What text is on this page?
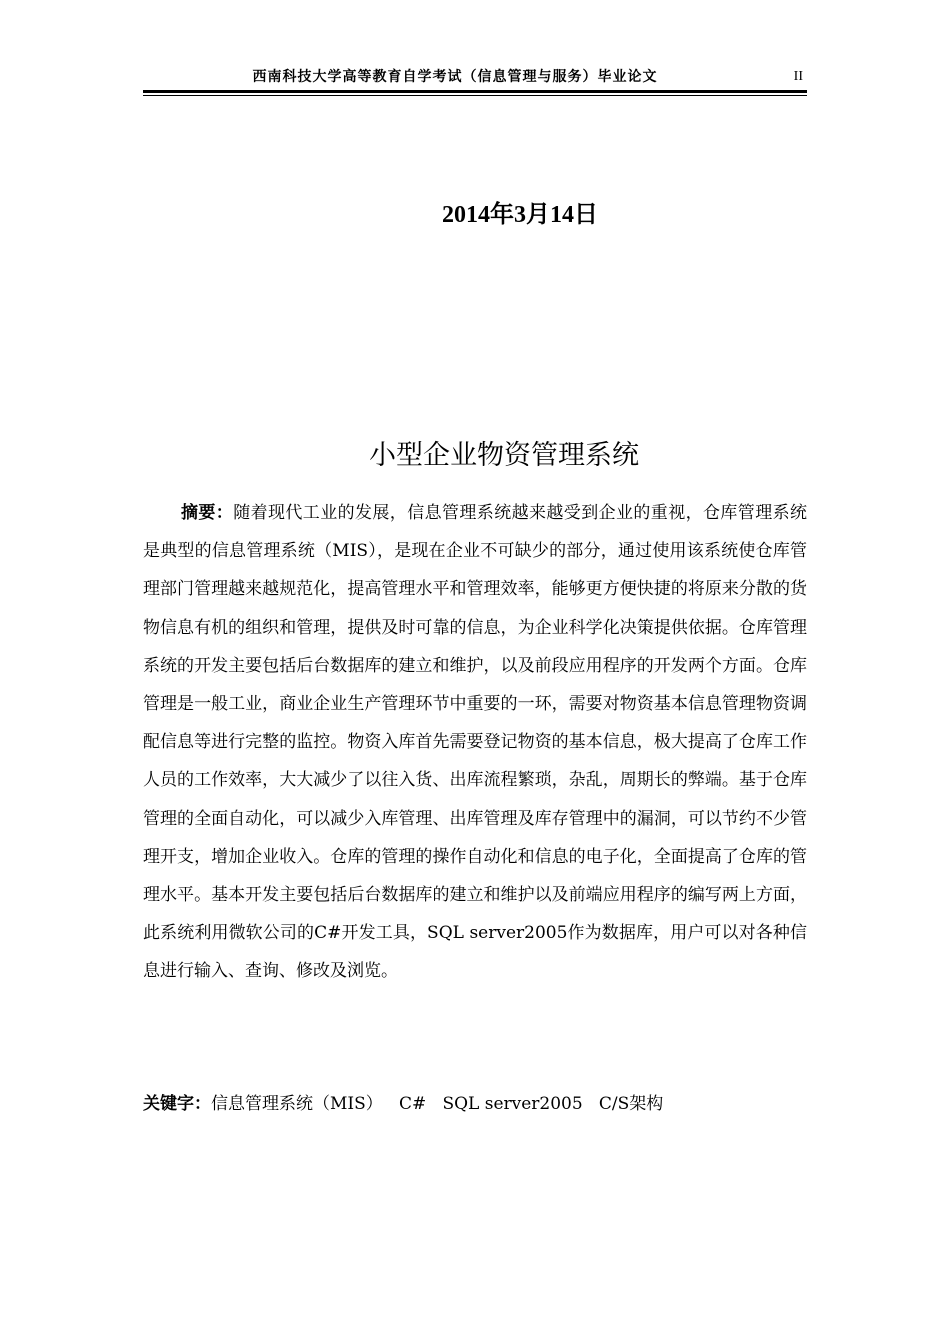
西南科技大学高等教育自学考试（信息管理与服务）毕业论文	II
2014年3月14日
小型企业物资管理系统

摘要：随着现代工业的发展，信息管理系统越来越受到企业的重视，仓库管理系统是典型的信息管理系统（MIS），是现在企业不可缺少的部分，通过使用该系统使仓库管理部门管理越来越规范化，提高管理水平和管理效率，能够更方便快捷的将原来分散的货物信息有机的组织和管理，提供及时可靠的信息，为企业科学化决策提供依据。仓库管理系统的开发主要包括后台数据库的建立和维护，以及前段应用程序的开发两个方面。仓库管理是一般工业，商业企业生产管理环节中重要的一环，需要对物资基本信息管理物资调配信息等进行完整的监控。物资入库首先需要登记物资的基本信息，极大提高了仓库工作人员的工作效率，大大减少了以往入货、出库流程繁琐，杂乱，周期长的弊端。基于仓库管理的全面自动化，可以减少入库管理、出库管理及库存管理中的漏洞，可以节约不少管理开支，增加企业收入。仓库的管理的操作自动化和信息的电子化，全面提高了仓库的管理水平。基本开发主要包括后台数据库的建立和维护以及前端应用程序的编写两上方面，此系统利用微软公司的C#开发工具，SQL server2005作为数据库，用户可以对各种信息进行输入、查询、修改及浏览。

关键字：信息管理系统（MIS）   C#   SQL server2005   C/S架构
